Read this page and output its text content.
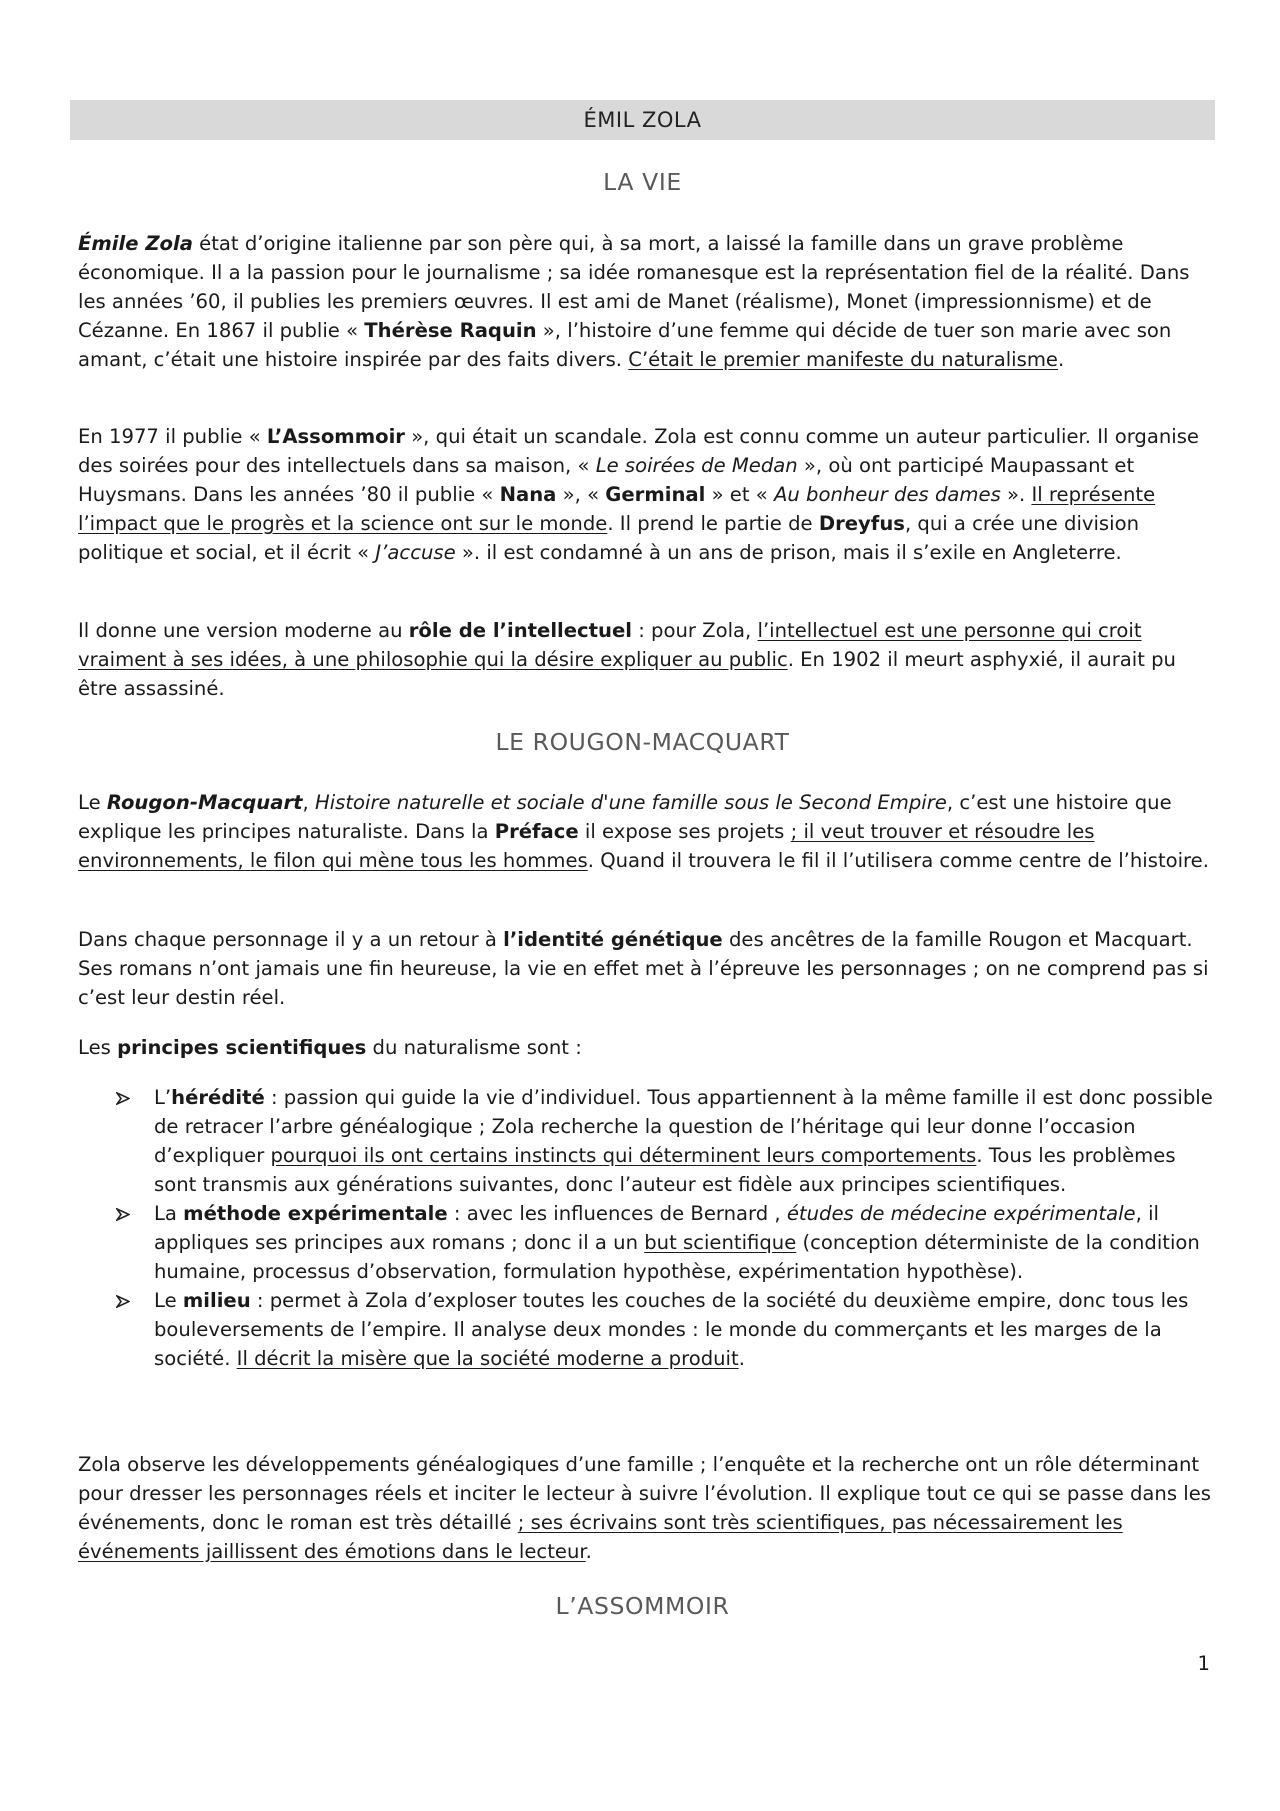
ÉMIL ZOLA
LA VIE

Émile Zola état d’origine italienne par son père qui, à sa mort, a laissé la famille dans un grave problème économique. Il a la passion pour le journalisme ; sa idée romanesque est la représentation fiel de la réalité. Dans les années ’60, il publies les premiers œuvres. Il est ami de Manet (réalisme), Monet (impressionnisme) et de Cézanne. En 1867 il publie « Thérèse Raquin », l’histoire d’une femme qui décide de tuer son marie avec son amant, c’était une histoire inspirée par des faits divers. C’était le premier manifeste du naturalisme.

En 1977 il publie « L’Assommoir », qui était un scandale. Zola est connu comme un auteur particulier. Il organise des soirées pour des intellectuels dans sa maison, « Le soirées de Medan », où ont participé Maupassant et Huysmans. Dans les années ’80 il publie « Nana », « Germinal » et « Au bonheur des dames ». Il représente l’impact que le progrès et la science ont sur le monde. Il prend le partie de Dreyfus, qui a crée une division politique et social, et il écrit « J’accuse ». il est condamné à un ans de prison, mais il s’exile en Angleterre.

Il donne une version moderne au rôle de l’intellectuel : pour Zola, l’intellectuel est une personne qui croit vraiment à ses idées, à une philosophie qui la désire expliquer au public. En 1902 il meurt asphyxié, il aurait pu être assassiné.

LE ROUGON-MACQUART

Le Rougon-Macquart, Histoire naturelle et sociale d'une famille sous le Second Empire, c’est une histoire que explique les principes naturaliste. Dans la Préface il expose ses projets ; il veut trouver et résoudre les environnements, le filon qui mène tous les hommes. Quand il trouvera le fil il l’utilisera comme centre de l’histoire.

Dans chaque personnage il y a un retour à l’identité génétique des ancêtres de la famille Rougon et Macquart. Ses romans n’ont jamais une fin heureuse, la vie en effet met à l’épreuve les personnages ; on ne comprend pas si c’est leur destin réel.

Les principes scientifiques du naturalisme sont :

L’hérédité : passion qui guide la vie d’individuel. Tous appartiennent à la même famille il est donc possible de retracer l’arbre généalogique ; Zola recherche la question de l’héritage qui leur donne l’occasion d’expliquer pourquoi ils ont certains instincts qui déterminent leurs comportements. Tous les problèmes sont transmis aux générations suivantes, donc l’auteur est fidèle aux principes scientifiques.
La méthode expérimentale : avec les influences de Bernard , études de médecine expérimentale, il appliques ses principes aux romans ; donc il a un but scientifique (conception déterministe de la condition humaine, processus d’observation, formulation hypothèse, expérimentation hypothèse).
Le milieu : permet à Zola d’exploser toutes les couches de la société du deuxième empire, donc tous les bouleversements de l’empire. Il analyse deux mondes : le monde du commerçants et les marges de la société. Il décrit la misère que la société moderne a produit.

Zola observe les développements généalogiques d’une famille ; l’enquête et la recherche ont un rôle déterminant pour dresser les personnages réels et inciter le lecteur à suivre l’évolution. Il explique tout ce qui se passe dans les événements, donc le roman est très détaillé ; ses écrivains sont très scientifiques, pas nécessairement les événements jaillissent des émotions dans le lecteur.

L’ASSOMMOIR
1
